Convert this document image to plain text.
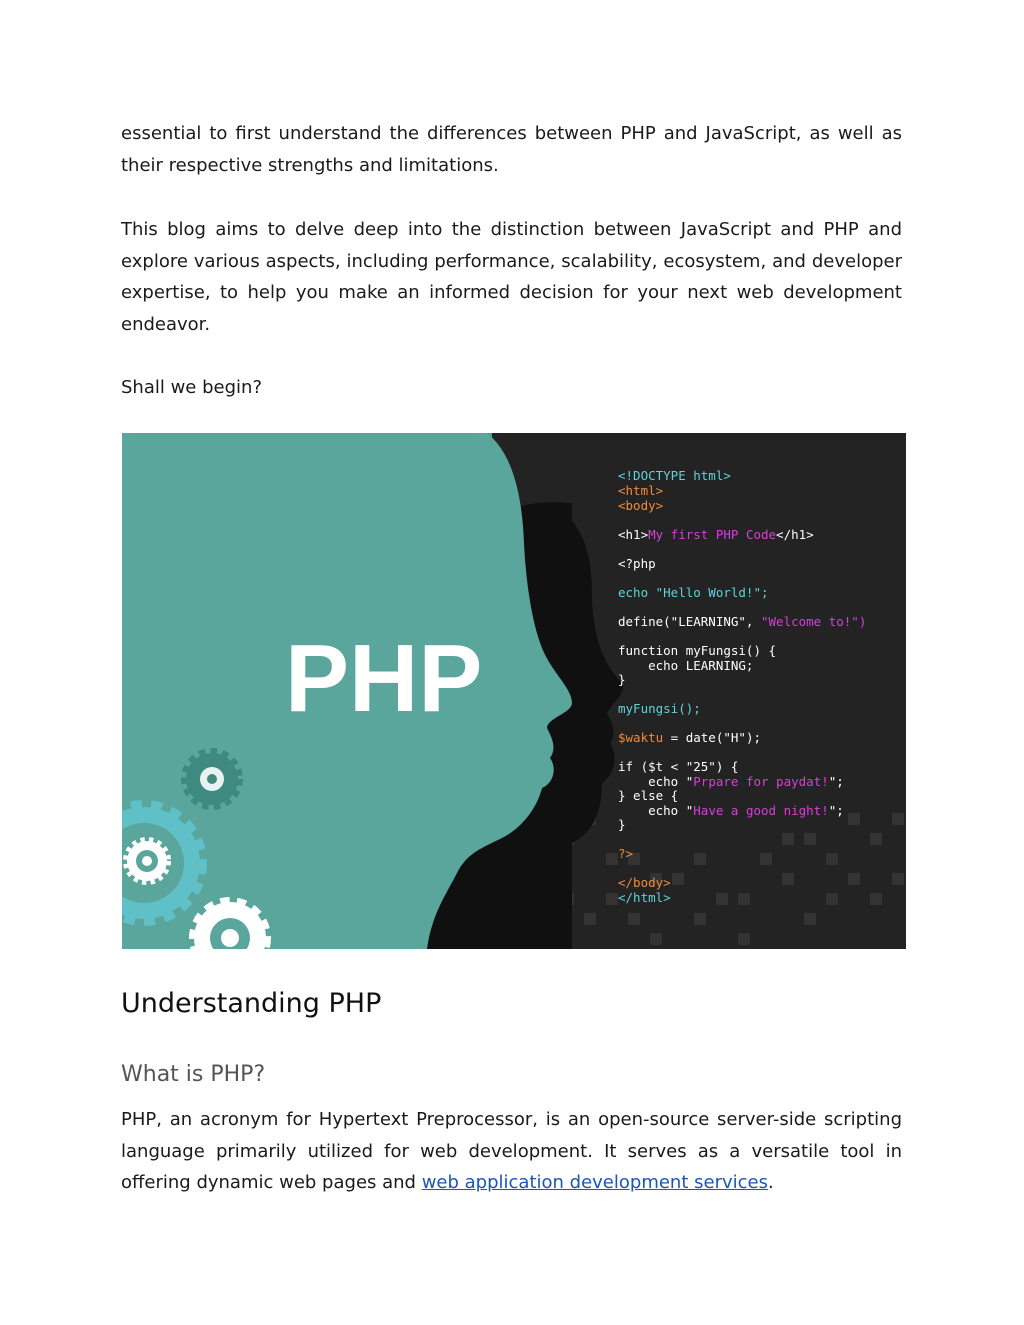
essential to first understand the differences between PHP and JavaScript, as well as their respective strengths and limitations.

This blog aims to delve deep into the distinction between JavaScript and PHP and explore various aspects, including performance, scalability, ecosystem, and developer expertise, to help you make an informed decision for your next web development endeavor.

Shall we begin?

PHP
<!DOCTYPE html>
<html>
<body>
<h1>My first PHP Code</h1>
<?php
echo "Hello World!";
define("LEARNING", "Welcome to!")
function myFungsi() {
echo LEARNING;
}
myFungsi();
$waktu = date("H");
if ($t < "25") {
echo "Prpare for paydat!";
} else {
echo "Have a good night!";
}
?>
</body>
</html>
Understanding PHP
What is PHP?

PHP, an acronym for Hypertext Preprocessor, is an open-source server-side scripting language primarily utilized for web development. It serves as a versatile tool in offering dynamic web pages and web application development services.
